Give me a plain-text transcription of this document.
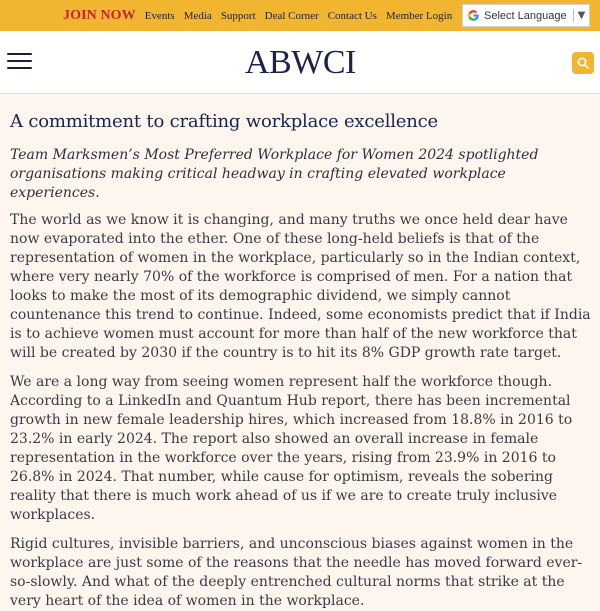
JOIN NOW Events Media Support Deal Corner Contact Us Member Login	Select Language ▼
ABWCI
A commitment to crafting workplace excellence

Team Marksmen’s Most Preferred Workplace for Women 2024 spotlighted organisations making critical headway in crafting elevated workplace experiences.

The world as we know it is changing, and many truths we once held dear have now evaporated into the ether. One of these long-held beliefs is that of the representation of women in the workplace, particularly so in the Indian context, where very nearly 70% of the workforce is comprised of men. For a nation that looks to make the most of its demographic dividend, we simply cannot countenance this trend to continue. Indeed, some economists predict that if India is to achieve women must account for more than half of the new workforce that will be created by 2030 if the country is to hit its 8% GDP growth rate target.

We are a long way from seeing women represent half the workforce though. According to a LinkedIn and Quantum Hub report, there has been incremental growth in new female leadership hires, which increased from 18.8% in 2016 to 23.2% in early 2024. The report also showed an overall increase in female representation in the workforce over the years, rising from 23.9% in 2016 to 26.8% in 2024. That number, while cause for optimism, reveals the sobering reality that there is much work ahead of us if we are to create truly inclusive workplaces.

Rigid cultures, invisible barriers, and unconscious biases against women in the workplace are just some of the reasons that the needle has moved forward ever-so-slowly. And what of the deeply entrenched cultural norms that strike at the very heart of the idea of women in the workplace.
